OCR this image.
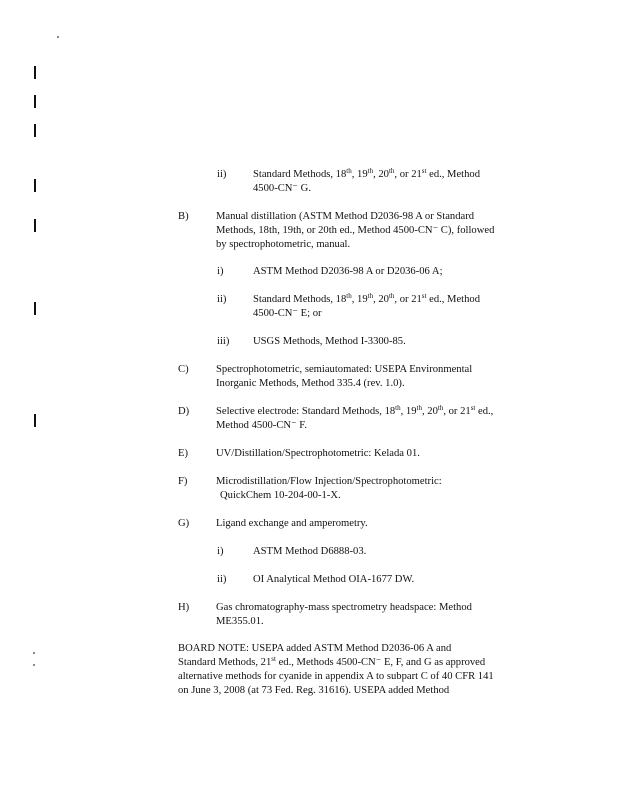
ii)	Standard Methods, 18th, 19th, 20th, or 21st ed., Method
4500-CN⁻ G.
B)	Manual distillation (ASTM Method D2036-98 A or Standard
Methods, 18th, 19th, or 20th ed., Method 4500-CN⁻ C), followed
by spectrophotometric, manual.
i)	ASTM Method D2036-98 A or D2036-06 A;
ii)	Standard Methods, 18th, 19th, 20th, or 21st ed., Method
4500-CN⁻ E; or
iii) USGS Methods, Method I-3300-85.
C)	Spectrophotometric, semiautomated: USEPA Environmental
Inorganic Methods, Method 335.4 (rev. 1.0).
D)	Selective electrode: Standard Methods, 18th, 19th, 20th, or 21st ed.,
Method 4500-CN⁻ F.
E)	UV/Distillation/Spectrophotometric: Kelada 01.
F)	Microdistillation/Flow Injection/Spectrophotometric:
QuickChem 10-204-00-1-X.
G)	Ligand exchange and amperometry.
i)	ASTM Method D6888-03.
ii)	OI Analytical Method OIA-1677 DW.
H)	Gas chromatography-mass spectrometry headspace: Method
ME355.01.
BOARD NOTE: USEPA added ASTM Method D2036-06 A and
Standard Methods, 21st ed., Methods 4500-CN⁻ E, F, and G as approved
alternative methods for cyanide in appendix A to subpart C of 40 CFR 141
on June 3, 2008 (at 73 Fed. Reg. 31616). USEPA added Method
